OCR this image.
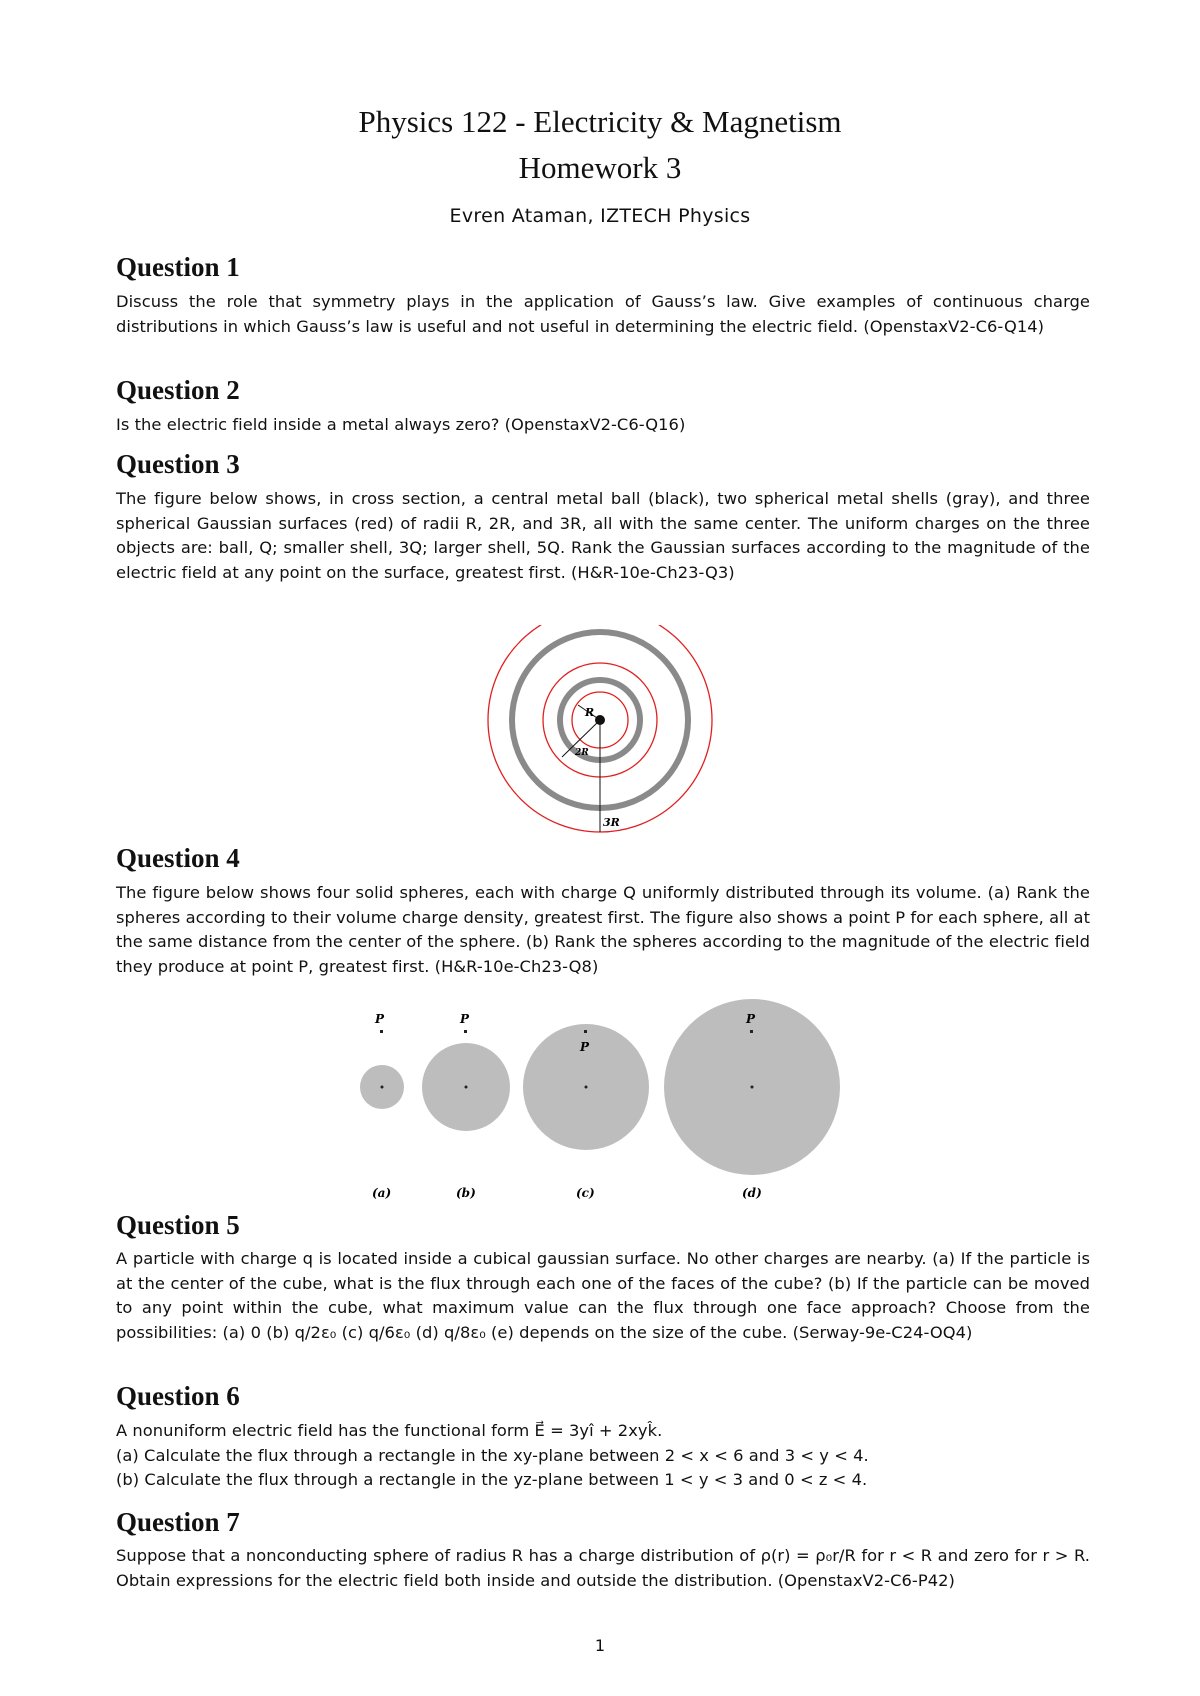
Physics 122 - Electricity & Magnetism
Homework 3
Evren Ataman, IZTECH Physics
Question 1
Discuss the role that symmetry plays in the application of Gauss’s law. Give examples of continuous charge distributions in which Gauss’s law is useful and not useful in determining the electric field. (OpenstaxV2-C6-Q14)
Question 2
Is the electric field inside a metal always zero? (OpenstaxV2-C6-Q16)
Question 3
The figure below shows, in cross section, a central metal ball (black), two spherical metal shells (gray), and three spherical Gaussian surfaces (red) of radii R, 2R, and 3R, all with the same center. The uniform charges on the three objects are: ball, Q; smaller shell, 3Q; larger shell, 5Q. Rank the Gaussian surfaces according to the magnitude of the electric field at any point on the surface, greatest first. (H&R-10e-Ch23-Q3)
R
2R
3R
Question 4
The figure below shows four solid spheres, each with charge Q uniformly distributed through its volume. (a) Rank the spheres according to their volume charge density, greatest first. The figure also shows a point P for each sphere, all at the same distance from the center of the sphere. (b) Rank the spheres according to the magnitude of the electric field they produce at point P, greatest first. (H&R-10e-Ch23-Q8)
P	P
P
P
(a)	(b)	(c)	(d)
Question 5
A particle with charge q is located inside a cubical gaussian surface. No other charges are nearby. (a) If the particle is at the center of the cube, what is the flux through each one of the faces of the cube? (b) If the particle can be moved to any point within the cube, what maximum value can the flux through one face approach? Choose from the possibilities: (a) 0 (b) q/2ε₀ (c) q/6ε₀ (d) q/8ε₀ (e) depends on the size of the cube. (Serway-9e-C24-OQ4)
Question 6

A nonuniform electric field has the functional form E⃗ = 3yî + 2xyk̂.

(a) Calculate the flux through a rectangle in the xy-plane between 2 < x < 6 and 3 < y < 4.

(b) Calculate the flux through a rectangle in the yz-plane between 1 < y < 3 and 0 < z < 4.

Question 7
Suppose that a nonconducting sphere of radius R has a charge distribution of ρ(r) = ρ₀r/R for r < R and zero for r > R. Obtain expressions for the electric field both inside and outside the distribution. (OpenstaxV2-C6-P42)
1
